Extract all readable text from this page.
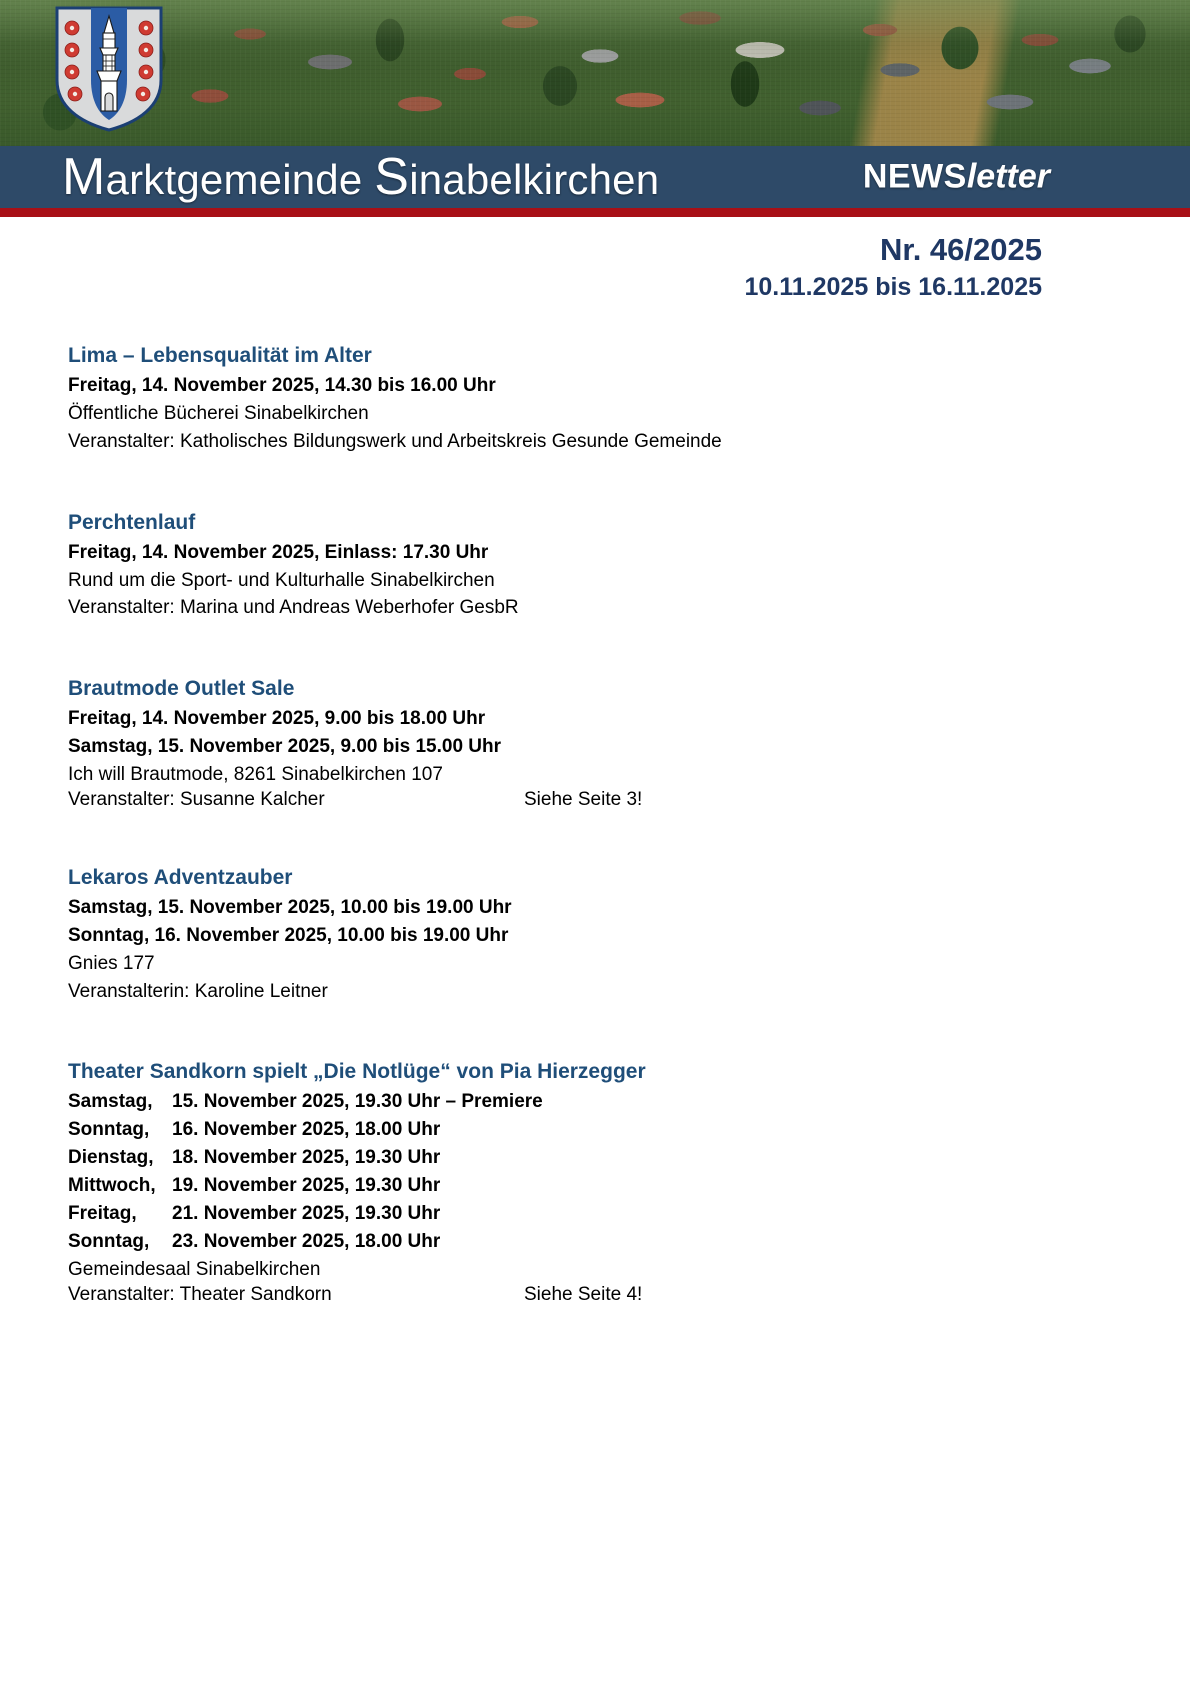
Marktgemeinde Sinabelkirchen	NEWSletter
Nr. 46/2025
10.11.2025 bis 16.11.2025
Lima – Lebensqualität im Alter
Freitag, 14. November 2025, 14.30 bis 16.00 Uhr
Öffentliche Bücherei Sinabelkirchen
Veranstalter: Katholisches Bildungswerk und Arbeitskreis Gesunde Gemeinde
Perchtenlauf
Freitag, 14. November 2025, Einlass: 17.30 Uhr
Rund um die Sport- und Kulturhalle Sinabelkirchen
Veranstalter: Marina und Andreas Weberhofer GesbR
Brautmode Outlet Sale
Freitag, 14. November 2025, 9.00 bis 18.00 Uhr
Samstag, 15. November 2025, 9.00 bis 15.00 Uhr
Ich will Brautmode, 8261 Sinabelkirchen 107
Veranstalter: Susanne Kalcher	Siehe Seite 3!
Lekaros Adventzauber
Samstag, 15. November 2025, 10.00 bis 19.00 Uhr
Sonntag, 16. November 2025, 10.00 bis 19.00 Uhr
Gnies 177
Veranstalterin: Karoline Leitner
Theater Sandkorn spielt „Die Notlüge“ von Pia Hierzegger
Samstag,	15. November 2025, 19.30 Uhr – Premiere
Sonntag,	16. November 2025, 18.00 Uhr
Dienstag, 18. November 2025, 19.30 Uhr
Mittwoch, 19. November 2025, 19.30 Uhr
Freitag,	21. November 2025, 19.30 Uhr
Sonntag,	23. November 2025, 18.00 Uhr
Gemeindesaal Sinabelkirchen
Veranstalter: Theater Sandkorn	Siehe Seite 4!
